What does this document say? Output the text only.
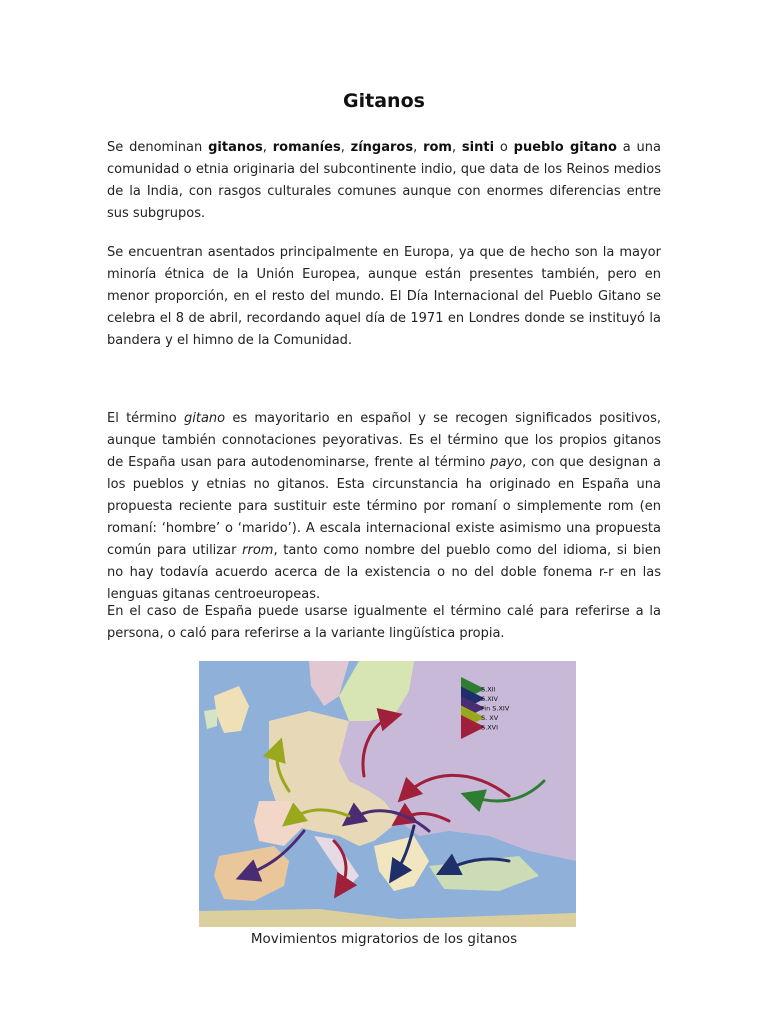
Gitanos

Se denominan gitanos, romaníes, zíngaros, rom, sinti o pueblo gitano a una comunidad o etnia originaria del subcontinente indio, que data de los Reinos medios de la India, con rasgos culturales comunes aunque con enormes diferencias entre sus subgrupos.

Se encuentran asentados principalmente en Europa, ya que de hecho son la mayor minoría étnica de la Unión Europea, aunque están presentes también, pero en menor proporción, en el resto del mundo. El Día Internacional del Pueblo Gitano se celebra el 8 de abril, recordando aquel día de 1971 en Londres donde se instituyó la bandera y el himno de la Comunidad.

El término gitano es mayoritario en español y se recogen significados positivos, aunque también connotaciones peyorativas. Es el término que los propios gitanos de España usan para autodenominarse, frente al término payo, con que designan a los pueblos y etnias no gitanos. Esta circunstancia ha originado en España una propuesta reciente para sustituir este término por romaní o simplemente rom (en romaní: ‘hombre’ o ‘marido’). A escala internacional existe asimismo una propuesta común para utilizar rrom, tanto como nombre del pueblo como del idioma, si bien no hay todavía acuerdo acerca de la existencia o no del doble fonema r-r en las lenguas gitanas centroeuropeas.

En el caso de España puede usarse igualmente el término calé para referirse a la persona, o caló para referirse a la variante lingüística propia.

S.XII
S.XIV
Fin S.XIV
S. XV
S.XVI
Movimientos migratorios de los gitanos
